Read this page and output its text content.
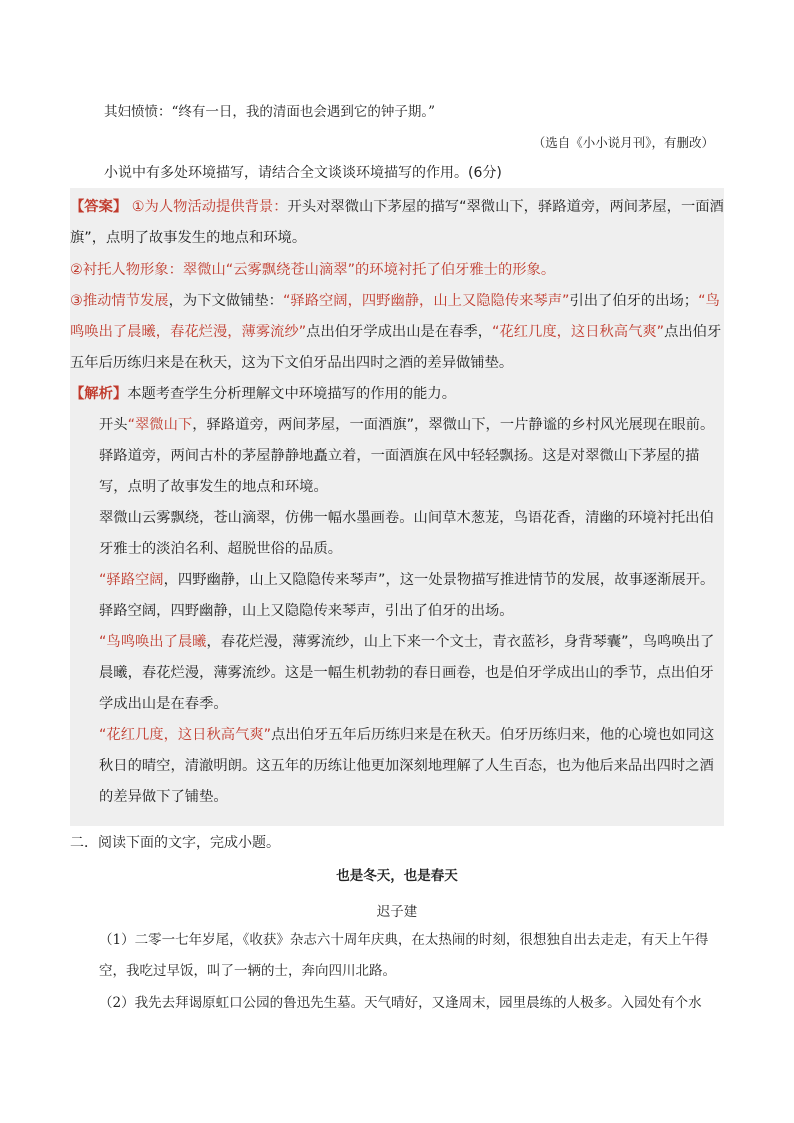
其妇愤愤：“终有一日，我的清面也会遇到它的钟子期。”
（选自《小小说月刊》，有删改）
小说中有多处环境描写，请结合全文谈谈环境描写的作用。(6分)
【答案】 ①为人物活动提供背景：开头对翠微山下茅屋的描写“翠微山下，驿路道旁，两间茅屋，一面酒旗”，点明了故事发生的地点和环境。
②衬托人物形象：翠微山“云雾飘绕苍山滴翠”的环境衬托了伯牙雅士的形象。
③推动情节发展，为下文做铺垫：“驿路空阔，四野幽静，山上又隐隐传来琴声”引出了伯牙的出场；“鸟鸣唤出了晨曦，春花烂漫，薄雾流纱”点出伯牙学成出山是在春季，“花红几度，这日秋高气爽”点出伯牙五年后历练归来是在秋天，这为下文伯牙品出四时之酒的差异做铺垫。
【解析】本题考查学生分析理解文中环境描写的作用的能力。
开头“翠微山下，驿路道旁，两间茅屋，一面酒旗”，翠微山下，一片静谧的乡村风光展现在眼前。驿路道旁，两间古朴的茅屋静静地矗立着，一面酒旗在风中轻轻飘扬。这是对翠微山下茅屋的描写，点明了故事发生的地点和环境。
翠微山云雾飘绕，苍山滴翠，仿佛一幅水墨画卷。山间草木葱茏，鸟语花香，清幽的环境衬托出伯牙雅士的淡泊名利、超脱世俗的品质。
“驿路空阔，四野幽静，山上又隐隐传来琴声”，这一处景物描写推进情节的发展，故事逐渐展开。驿路空阔，四野幽静，山上又隐隐传来琴声，引出了伯牙的出场。
“鸟鸣唤出了晨曦，春花烂漫，薄雾流纱，山上下来一个文士，青衣蓝衫，身背琴囊”，鸟鸣唤出了晨曦，春花烂漫，薄雾流纱。这是一幅生机勃勃的春日画卷，也是伯牙学成出山的季节，点出伯牙学成出山是在春季。
“花红几度，这日秋高气爽”点出伯牙五年后历练归来是在秋天。伯牙历练归来，他的心境也如同这秋日的晴空，清澈明朗。这五年的历练让他更加深刻地理解了人生百态，也为他后来品出四时之酒的差异做下了铺垫。
二．阅读下面的文字，完成小题。
也是冬天，也是春天
迟子建
（1）二零一七年岁尾，《收获》杂志六十周年庆典，在太热闹的时刻，很想独自出去走走，有天上午得空，我吃过早饭，叫了一辆的士，奔向四川北路。
（2）我先去拜谒原虹口公园的鲁迅先生墓。天气晴好，又逢周末，园里晨练的人极多。入园处有个水
